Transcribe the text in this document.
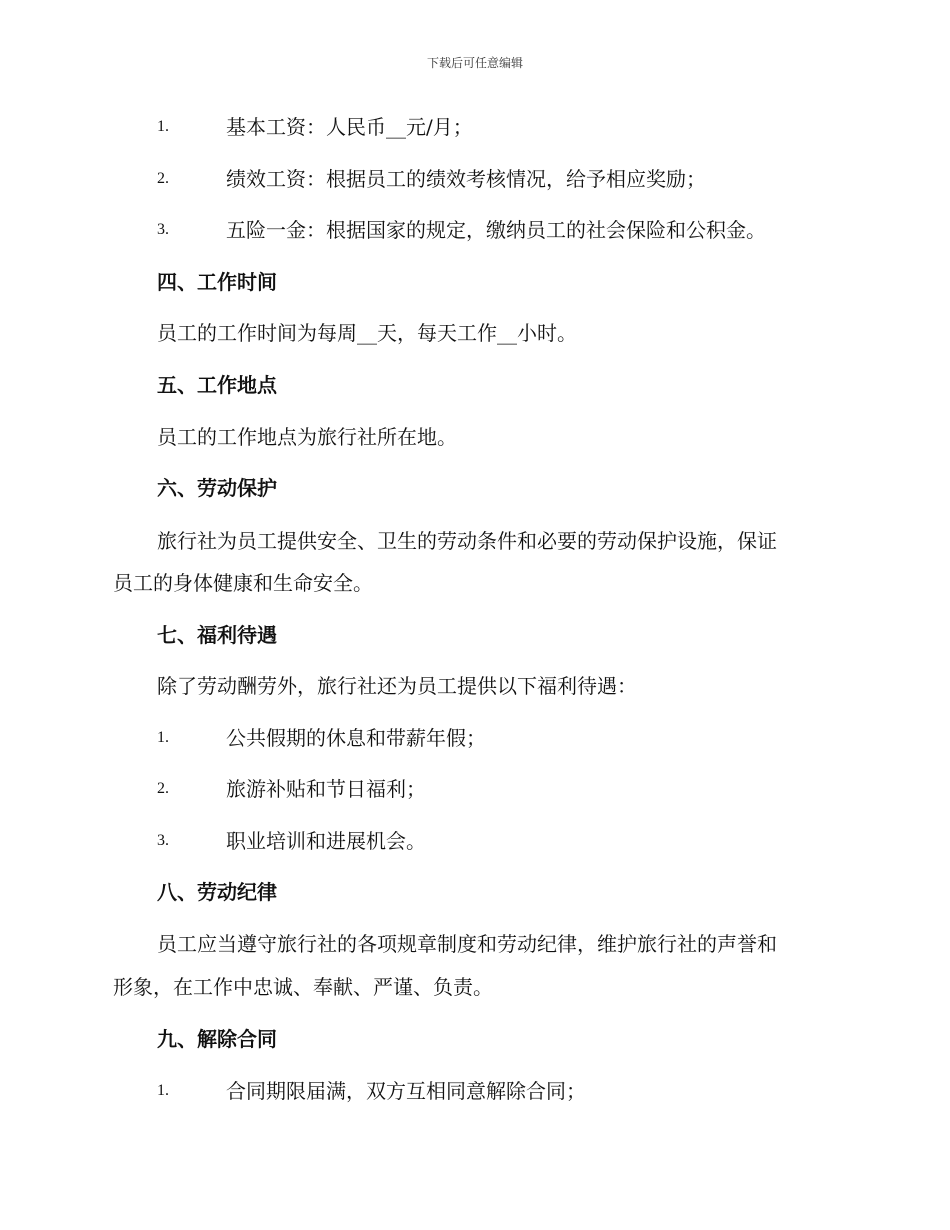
下载后可任意编辑
1.	基本工资：人民币__元/月；
2.	绩效工资：根据员工的绩效考核情况，给予相应奖励；
3.	五险一金：根据国家的规定，缴纳员工的社会保险和公积金。
四、工作时间
员工的工作时间为每周__天，每天工作__小时。
五、工作地点
员工的工作地点为旅行社所在地。
六、劳动保护
旅行社为员工提供安全、卫生的劳动条件和必要的劳动保护设施，保证
员工的身体健康和生命安全。
七、福利待遇
除了劳动酬劳外，旅行社还为员工提供以下福利待遇：
1.	公共假期的休息和带薪年假；
2.	旅游补贴和节日福利；
3.	职业培训和进展机会。
八、劳动纪律
员工应当遵守旅行社的各项规章制度和劳动纪律，维护旅行社的声誉和
形象，在工作中忠诚、奉献、严谨、负责。
九、解除合同
1.	合同期限届满，双方互相同意解除合同；
